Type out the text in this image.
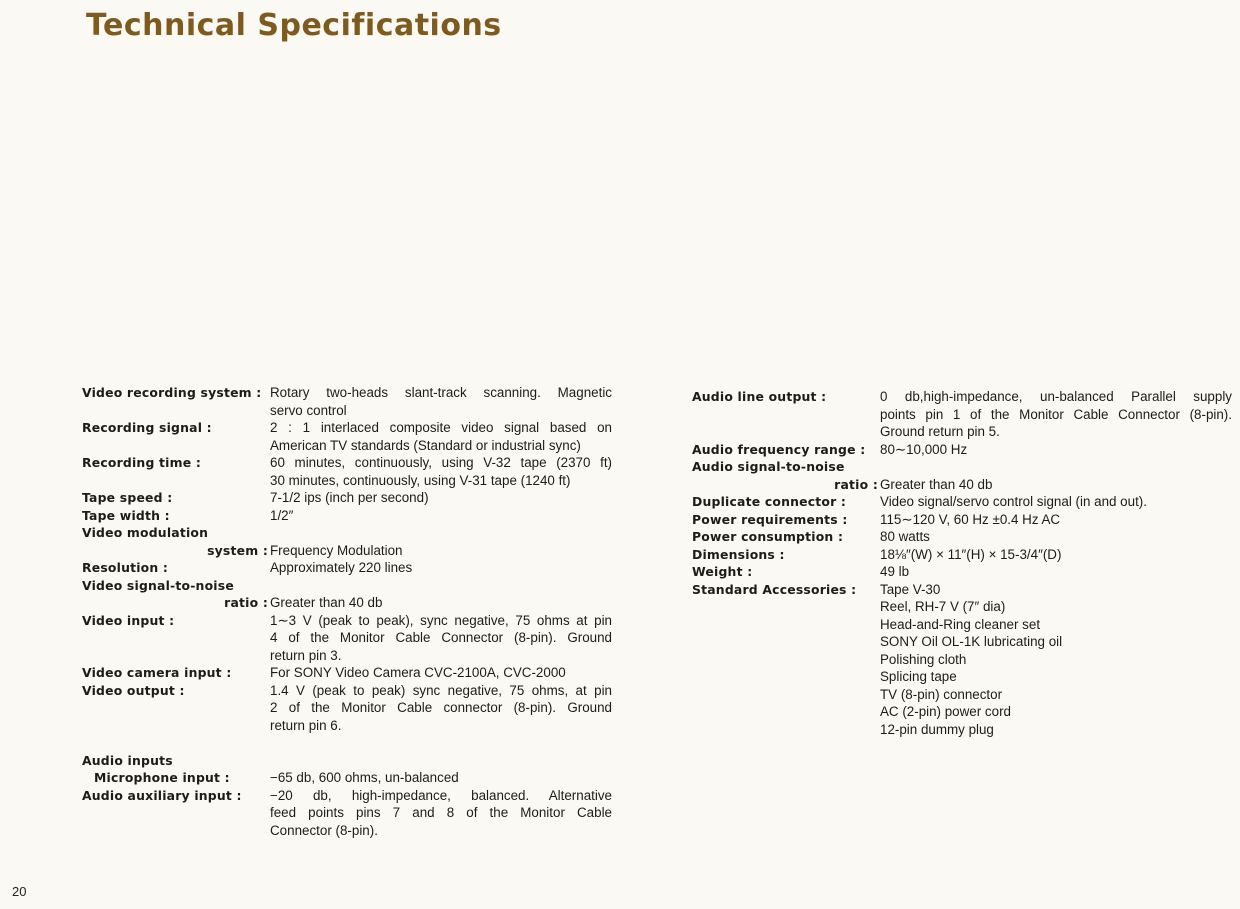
Technical Specifications
Video recording system : Rotary two-heads slant-track scanning. Magnetic
servo control
Recording signal :	2 : 1 interlaced composite video signal based on
American TV standards (Standard or industrial sync)
Recording time :	60 minutes, continuously, using V-32 tape (2370 ft)
30 minutes, continuously, using V-31 tape (1240 ft)
Tape speed :	7-1/2 ips (inch per second)
Tape width :	1/2″
Video modulation
system :
Frequency Modulation
Resolution :	Approximately 220 lines
Video signal-to-noise
ratio :
Greater than 40 db
Video input :	1∼3 V (peak to peak), sync negative, 75 ohms at pin
4 of the Monitor Cable Connector (8-pin). Ground
return pin 3.
Video camera input :	For SONY Video Camera CVC-2100A, CVC-2000
Video output :	1.4 V (peak to peak) sync negative, 75 ohms, at pin
2 of the Monitor Cable connector (8-pin). Ground
return pin 6.
Audio inputs

Microphone input :	−65 db, 600 ohms, un-balanced
Audio auxiliary input :	−20 db, high-impedance, balanced. Alternative
feed points pins 7 and 8 of the Monitor Cable
Connector (8-pin).
Audio line output :	0 db,high-impedance, un-balanced Parallel supply
points pin 1 of the Monitor Cable Connector (8-pin).
Ground return pin 5.
Audio frequency range :	80∼10,000 Hz
Audio signal-to-noise
ratio :
Greater than 40 db
Duplicate connector :	Video signal/servo control signal (in and out).
Power requirements :	115∼120 V, 60 Hz ±0.4 Hz AC
Power consumption :	80 watts
Dimensions :	18⅛″(W) × 11″(H) × 15-3/4″(D)
Weight :	49 lb
Standard Accessories :	Tape V-30
Reel, RH-7 V (7″ dia)
Head-and-Ring cleaner set
SONY Oil OL-1K lubricating oil
Polishing cloth
Splicing tape
TV (8-pin) connector
AC (2-pin) power cord
12-pin dummy plug
20
